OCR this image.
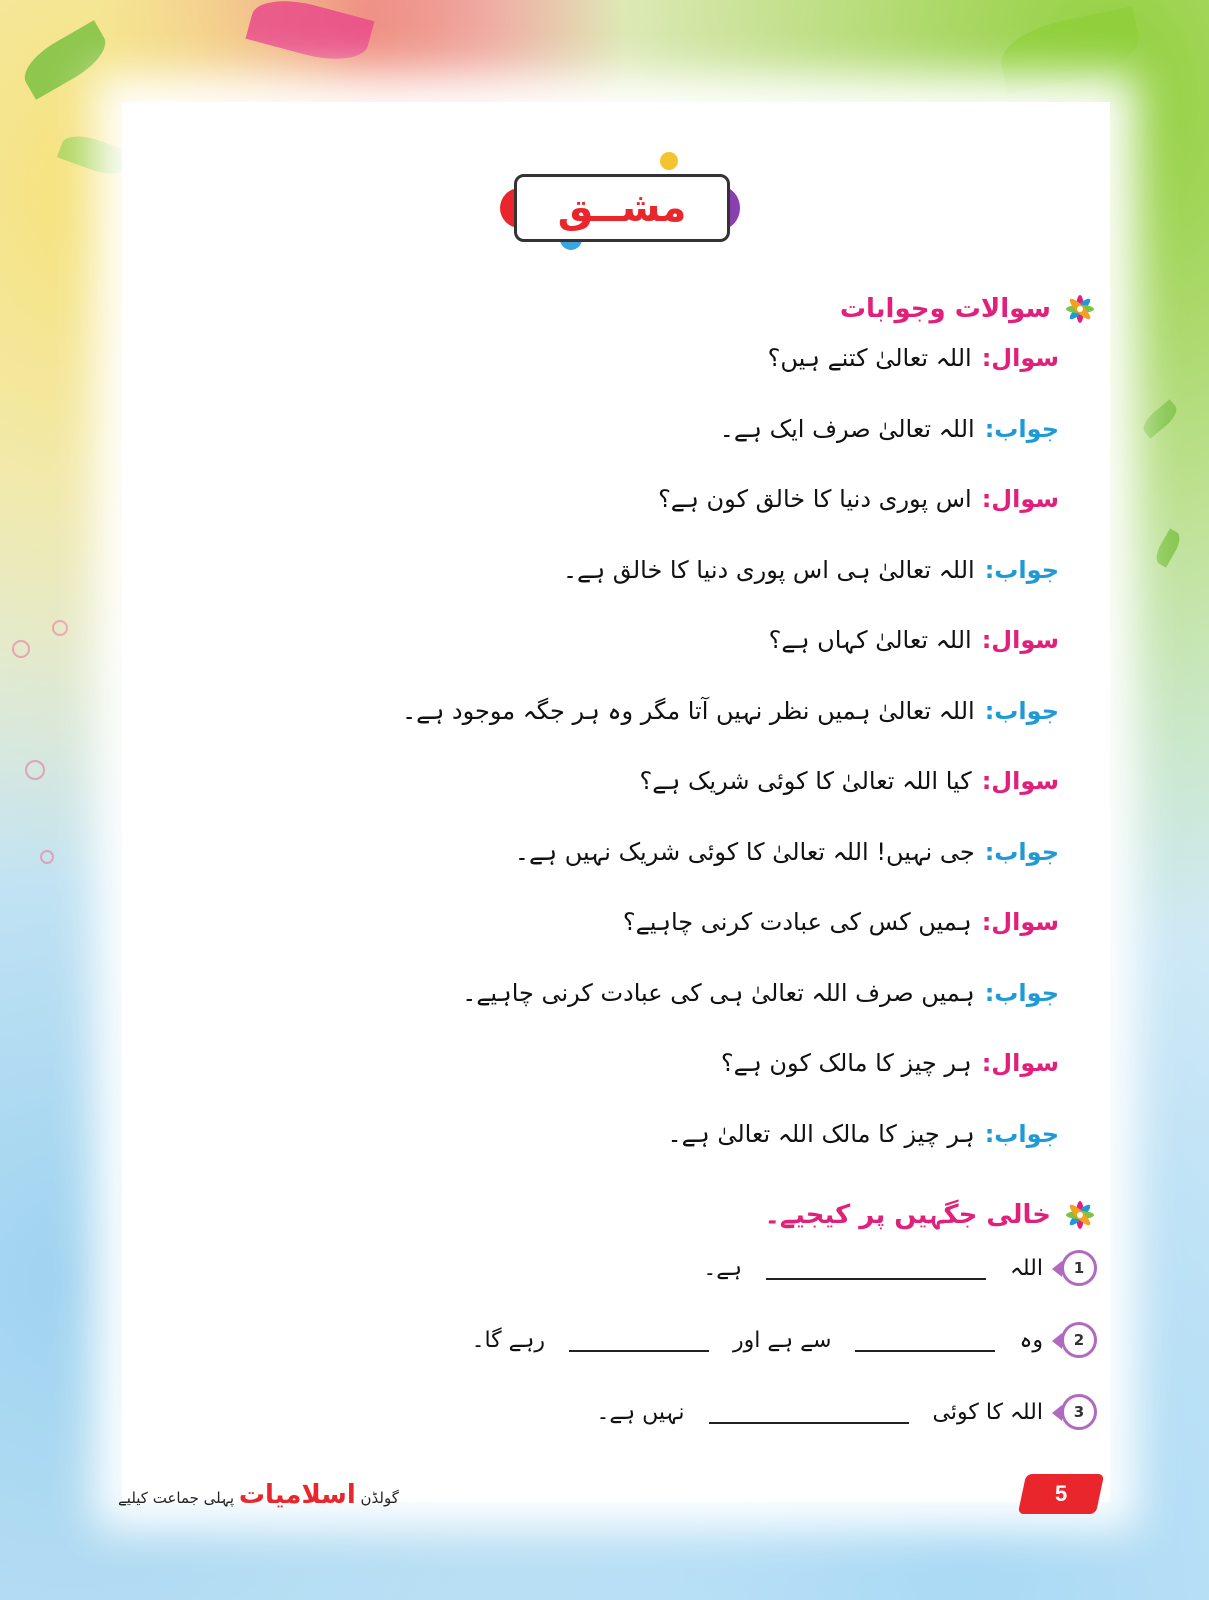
مشــق
سوالات وجوابات
سوال:اللہ تعالیٰ کتنے ہیں؟
جواب:اللہ تعالیٰ صرف ایک ہے۔
سوال:اس پوری دنیا کا خالق کون ہے؟
جواب:اللہ تعالیٰ ہی اس پوری دنیا کا خالق ہے۔
سوال:اللہ تعالیٰ کہاں ہے؟
جواب:اللہ تعالیٰ ہمیں نظر نہیں آتا مگر وہ ہر جگہ موجود ہے۔
سوال:کیا اللہ تعالیٰ کا کوئی شریک ہے؟
جواب:جی نہیں! اللہ تعالیٰ کا کوئی شریک نہیں ہے۔
سوال:ہمیں کس کی عبادت کرنی چاہیے؟
جواب:ہمیں صرف اللہ تعالیٰ ہی کی عبادت کرنی چاہیے۔
سوال:ہر چیز کا مالک کون ہے؟
جواب:ہر چیز کا مالک اللہ تعالیٰ ہے۔
خالی جگہیں پر کیجیے۔
1
اللہ
ہے۔
2
وہ
سے ہے اور
رہے گا۔
3
اللہ کا کوئی
نہیں ہے۔
گولڈن اسلامیات پہلی جماعت کیلیے	5
